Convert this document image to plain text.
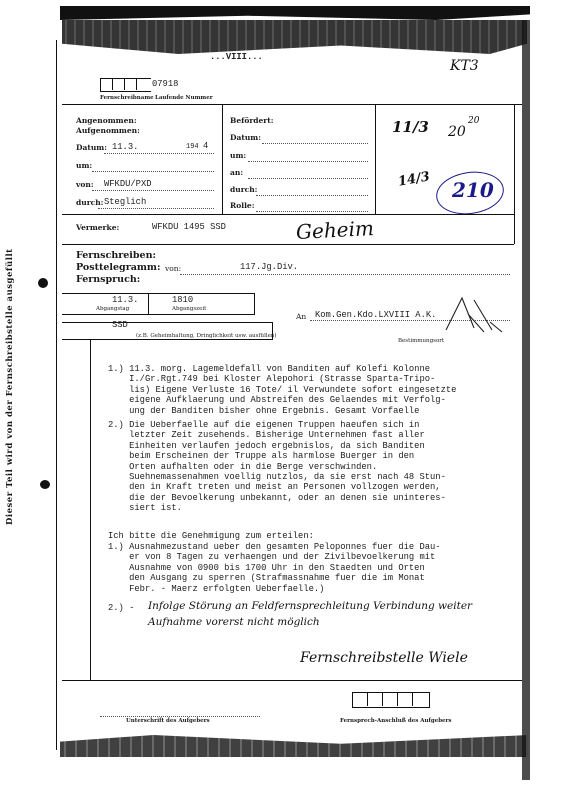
Dieser Teil wird von der Fernschreibstelle ausgefüllt
...VIII...
KT3
07918
Fernschreibname Laufende Nummer
Angenommen:
Aufgenommen:
Datum: 11.3.	194 4
um:
von: WFKDU/PXD
durch: Steglich
Befördert:
Datum:
um:
an:
durch:
Rolle:
11/3 20
20
14/3 210
Vermerke:	WFKDU 1495 SSD	Geheim
Fernschreiben:
Posttelegramm:
Fernspruch:
von:	117.Jg.Div.
11.3.
Abgangstag
1810
Abgangszeit
An Kom.Gen.Kdo.LXVIII A.K.
Bestimmungsort
SSD
(z.B. Geheimhaltung, Dringlichkeit usw. ausfüllen)
1.) 11.3. morg. Lagemeldefall von Banditen auf Kolefi Kolonne
I./Gr.Rgt.749 bei Kloster Alepohori (Strasse Sparta-Tripo-
lis) Eigene Verluste 16 Tote/ il Verwundete sofort eingesetzte
eigene Aufklaerung und Abstreifen des Gelaendes mit Verfolg-
ung der Banditen bisher ohne Ergebnis. Gesamt Vorfaelle
2.) Die Ueberfaelle auf die eigenen Truppen haeufen sich in
letzter Zeit zusehends. Bisherige Unternehmen fast aller
Einheiten verlaufen jedoch ergebnislos, da sich Banditen
beim Erscheinen der Truppe als harmlose Buerger in den
Orten aufhalten oder in die Berge verschwinden.
Suehnemassenahmen voellig nutzlos, da sie erst nach 48 Stun-
den in Kraft treten und meist an Personen vollzogen werden,
die der Bevoelkerung unbekannt, oder an denen sie uninteres-
siert ist.
Ich bitte die Genehmigung zum erteilen:
1.) Ausnahmezustand ueber den gesamten Peloponnes fuer die Dau-
er von 8 Tagen zu verhaengen und der Zivilbevoelkerung mit
Ausnahme von 0900 bis 1700 Uhr in den Staedten und Orten
den Ausgang zu sperren (Strafmassnahme fuer die im Monat
Febr. - Maerz erfolgten Ueberfaelle.)
2.) - Infolge Störung an Feldfernsprechleitung Verbindung weiter
Aufnahme vorerst nicht möglich
Fernschreibstelle Wiele
Unterschrift des Aufgebers	Fernsprech-Anschluß des Aufgebers
